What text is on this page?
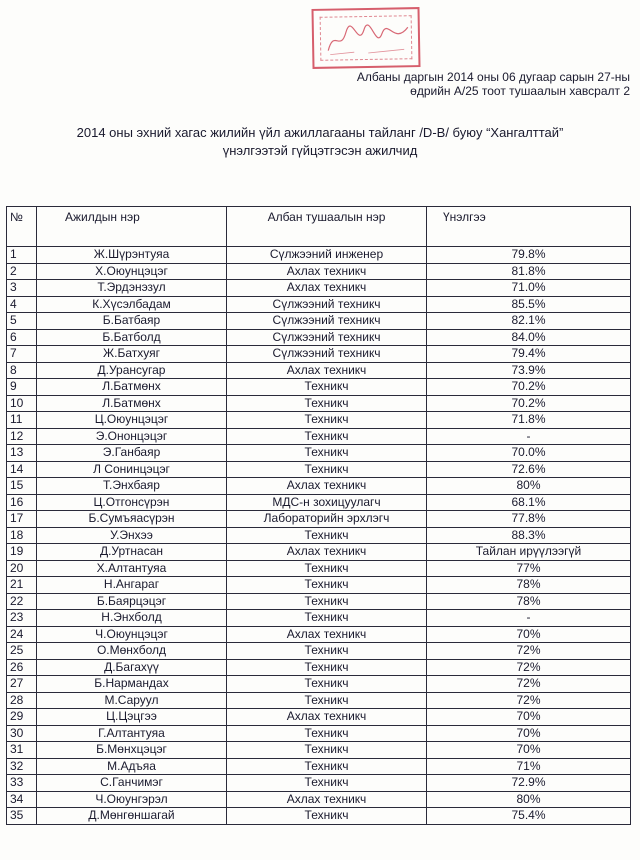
Албаны даргын 2014 оны 06 дугаар сарын 27-ны
өдрийн А/25 тоот тушаалын хавсралт 2
2014 оны эхний хагас жилийн үйл ажиллагааны тайланг /D-B/ буюу “Хангалттай”
үнэлгээтэй гүйцэтгэсэн ажилчид
№	Ажилдын нэр	Албан тушаалын нэр	Үнэлгээ
1	Ж.Шүрэнтуяа	Сүлжээний инженер	79.8%
2	Х.Оюунцэцэг	Ахлах техникч	81.8%
3	Т.Эрдэнэзул	Ахлах техникч	71.0%
4	К.Хүсэлбадам	Сүлжээний техникч	85.5%
5	Б.Батбаяр	Сүлжээний техникч	82.1%
6	Б.Батболд	Сүлжээний техникч	84.0%
7	Ж.Батхуяг	Сүлжээний техникч	79.4%
8	Д.Урансугар	Ахлах техникч	73.9%
9	Л.Батмөнх	Техникч	70.2%
10	Л.Батмөнх	Техникч	70.2%
11	Ц.Оюунцэцэг	Техникч	71.8%
12	Э.Ононцэцэг	Техникч	-
13	Э.Ганбаяр	Техникч	70.0%
14	Л Сонинцэцэг	Техникч	72.6%
15	Т.Энхбаяр	Ахлах техникч	80%
16	Ц.Отгонсүрэн	МДС-н зохицуулагч	68.1%
17	Б.Сумъяасүрэн	Лабораторийн эрхлэгч	77.8%
18	У.Энхээ	Техникч	88.3%
19	Д.Уртнасан	Ахлах техникч	Тайлан ирүүлээгүй
20	Х.Алтантуяа	Техникч	77%
21	Н.Ангараг	Техникч	78%
22	Б.Баярцэцэг	Техникч	78%
23	Н.Энхболд	Техникч	-
24	Ч.Оюунцэцэг	Ахлах техникч	70%
25	О.Мөнхболд	Техникч	72%
26	Д.Багахүү	Техникч	72%
27	Б.Нармандах	Техникч	72%
28	М.Саруул	Техникч	72%
29	Ц.Цэцгээ	Ахлах техникч	70%
30	Г.Алтантуяа	Техникч	70%
31	Б.Мөнхцэцэг	Техникч	70%
32	М.Адъяа	Техникч	71%
33	С.Ганчимэг	Техникч	72.9%
34	Ч.Оюунгэрэл	Ахлах техникч	80%
35	Д.Мөнгөншагай	Техникч	75.4%
